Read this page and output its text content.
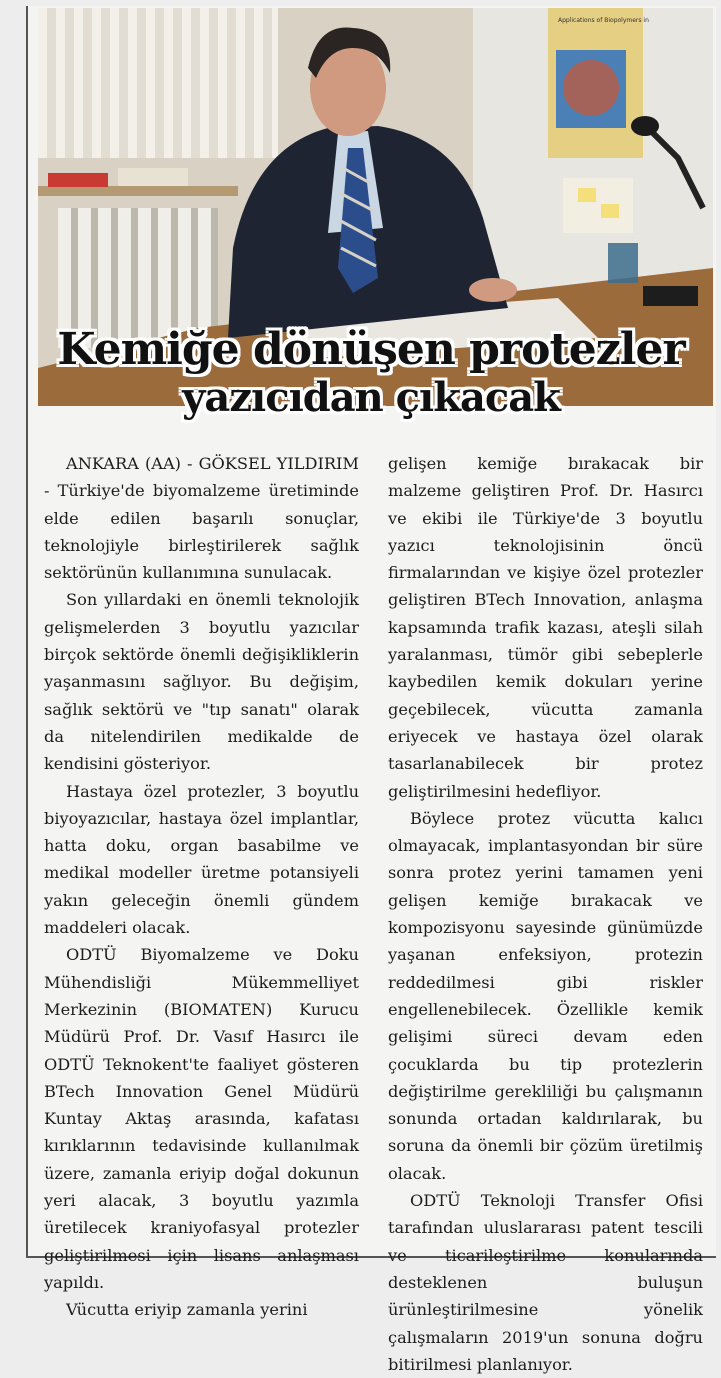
Applications of Biopolymers in
Kemiğe dönüşen protezler
yazıcıdan çıkacak

ANKARA (AA) - GÖKSEL YILDIRIM - Türkiye'de biyomalzeme üretiminde elde edilen başarılı sonuçlar, teknolojiyle birleştirilerek sağlık sektörünün kullanımına sunulacak.

Son yıllardaki en önemli teknolojik gelişmelerden 3 boyutlu yazıcılar birçok sektörde önemli değişikliklerin yaşanmasını sağlıyor. Bu değişim, sağlık sektörü ve "tıp sanatı" olarak da nitelendirilen medikalde de kendisini gösteriyor.

Hastaya özel protezler, 3 boyutlu biyoyazıcılar, hastaya özel implantlar, hatta doku, organ basabilme ve medikal modeller üretme potansiyeli yakın geleceğin önemli gündem maddeleri olacak.

ODTÜ Biyomalzeme ve Doku Mühendisliği Mükemmelliyet Merkezinin (BIOMATEN) Kurucu Müdürü Prof. Dr. Vasıf Hasırcı ile ODTÜ Teknokent'te faaliyet gösteren BTech Innovation Genel Müdürü Kuntay Aktaş arasında, kafatası kırıklarının tedavisinde kullanılmak üzere, zamanla eriyip doğal dokunun yeri alacak, 3 boyutlu yazımla üretilecek kraniyofasyal protezler geliştirilmesi için lisans anlaşması yapıldı.

Vücutta eriyip zamanla yerini

gelişen kemiğe bırakacak bir malzeme geliştiren Prof. Dr. Hasırcı ve ekibi ile Türkiye'de 3 boyutlu yazıcı teknolojisinin öncü firmalarından ve kişiye özel protezler geliştiren BTech Innovation, anlaşma kapsamında trafik kazası, ateşli silah yaralanması, tümör gibi sebeplerle kaybedilen kemik dokuları yerine geçebilecek, vücutta zamanla eriyecek ve hastaya özel olarak tasarlanabilecek bir protez geliştirilmesini hedefliyor.

Böylece protez vücutta kalıcı olmayacak, implantasyondan bir süre sonra protez yerini tamamen yeni gelişen kemiğe bırakacak ve kompozisyonu sayesinde günümüzde yaşanan enfeksiyon, protezin reddedilmesi gibi riskler engellenebilecek. Özellikle kemik gelişimi süreci devam eden çocuklarda bu tip protezlerin değiştirilme gerekliliği bu çalışmanın sonunda ortadan kaldırılarak, bu soruna da önemli bir çözüm üretilmiş olacak.

ODTÜ Teknoloji Transfer Ofisi tarafından uluslararası patent tescili ve ticarileştirilme konularında desteklenen buluşun ürünleştirilmesine yönelik çalışmaların 2019'un sonuna doğru bitirilmesi planlanıyor.
